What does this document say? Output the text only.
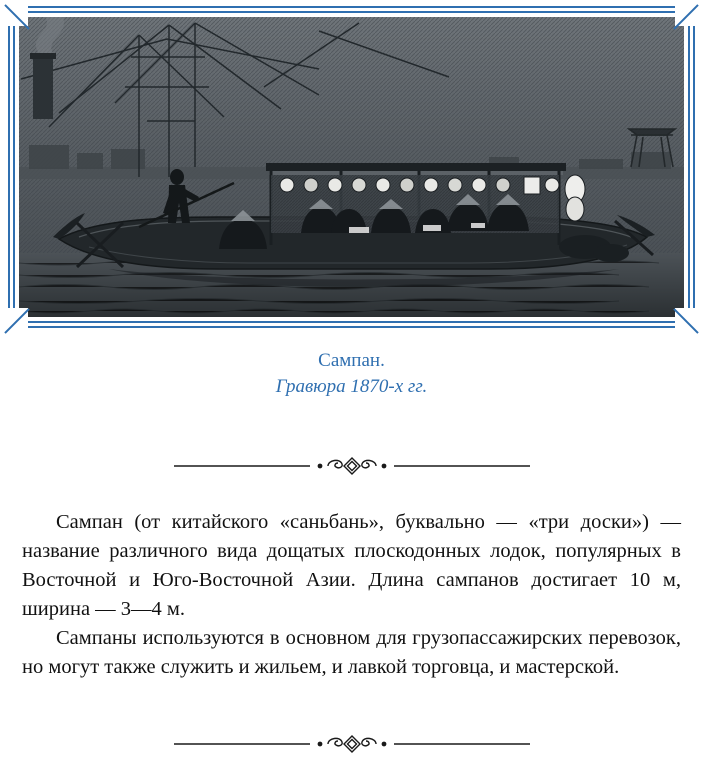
Сампан.
Гравюра 1870-х гг.

Сампан (от китайского «саньбань», буквально — «три доски») — название различного вида дощатых плоскодонных лодок, популярных в Восточной и Юго-Восточной Азии. Длина сампанов достигает 10 м, ширина — 3—4 м.

Сампаны используются в основном для грузопассажирских перевозок, но могут также служить и жильем, и лавкой торговца, и мастерской.
